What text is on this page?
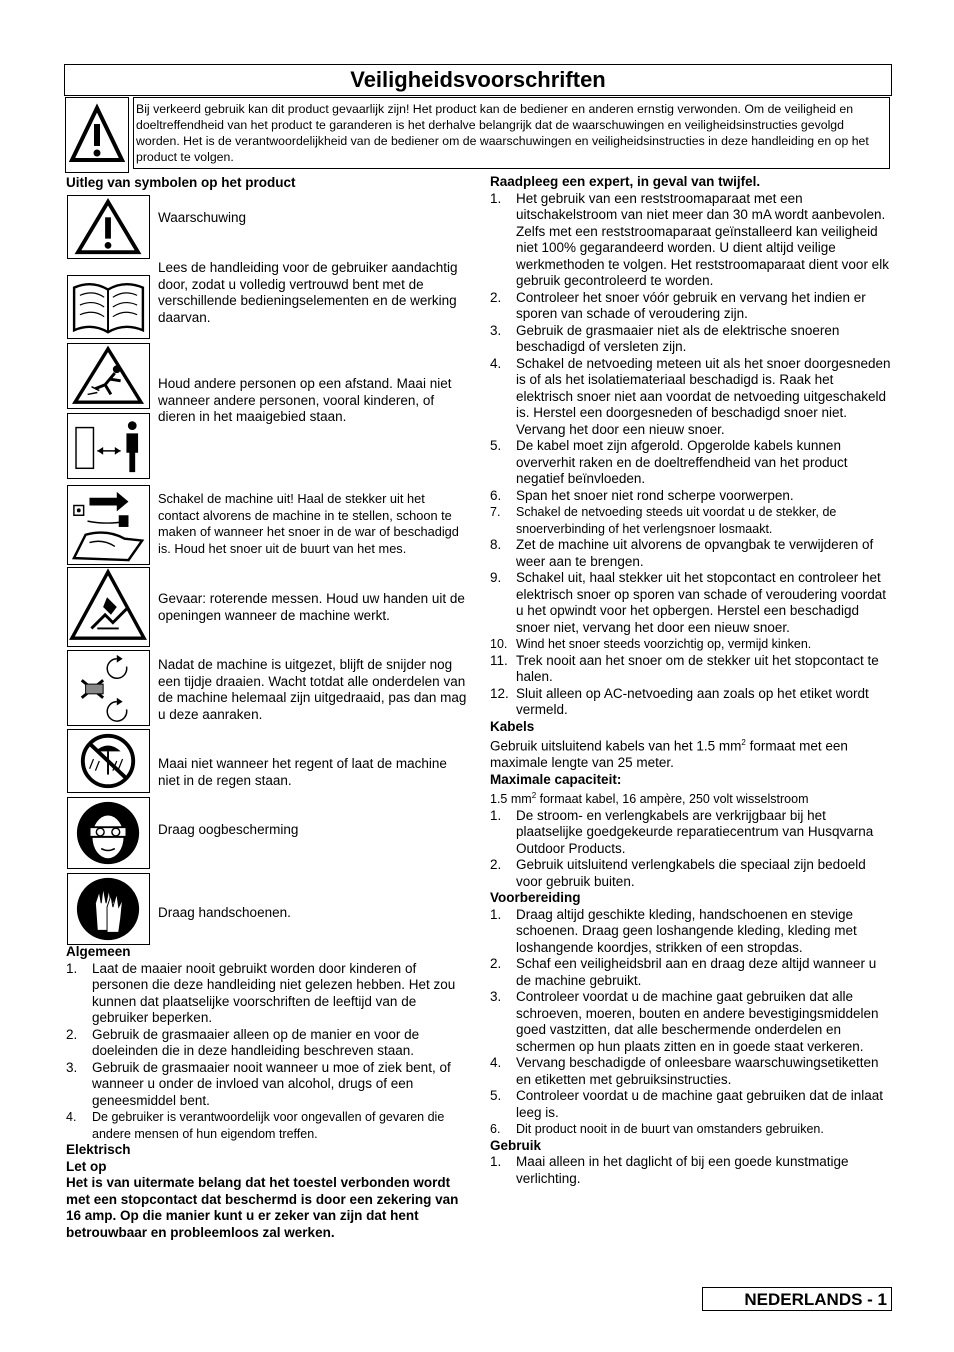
Veiligheidsvoorschriften
Bij verkeerd gebruik kan dit product gevaarlijk zijn! Het product kan de bediener en anderen ernstig verwonden. Om de veiligheid en doeltreffendheid van het product te garanderen is het derhalve belangrijk dat de waarschuwingen en veiligheidsinstructies gevolgd worden. Het is de verantwoordelijkheid van de bediener om de waarschuwingen en veiligheidsinstructies in deze handleiding en op het product te volgen.
Uitleg van symbolen op het product
Waarschuwing
Lees de handleiding voor de gebruiker aandachtig door, zodat u volledig vertrouwd bent met de verschillende bedieningselementen en de werking daarvan.
Houd andere personen op een afstand. Maai niet wanneer andere personen, vooral kinderen, of dieren in het maaigebied staan.
Schakel de machine uit! Haal de stekker uit het contact alvorens de machine in te stellen, schoon te maken of wanneer het snoer in de war of beschadigd is. Houd het snoer uit de buurt van het mes.
Gevaar: roterende messen. Houd uw handen uit de openingen wanneer de machine werkt.
Nadat de machine is uitgezet, blijft de snijder nog een tijdje draaien. Wacht totdat alle onderdelen van de machine helemaal zijn uitgedraaid, pas dan mag u deze aanraken.
Maai niet wanneer het regent of laat de machine niet in de regen staan.
Draag oogbescherming
Draag handschoenen.
Algemeen
1. Laat de maaier nooit gebruikt worden door kinderen of personen die deze handleiding niet gelezen hebben. Het zou kunnen dat plaatselijke voorschriften de leeftijd van de gebruiker beperken.
2. Gebruik de grasmaaier alleen op de manier en voor de doeleinden die in deze handleiding beschreven staan.
3. Gebruik de grasmaaier nooit wanneer u moe of ziek bent, of wanneer u onder de invloed van alcohol, drugs of een geneesmiddel bent.
4. De gebruiker is verantwoordelijk voor ongevallen of gevaren die andere mensen of hun eigendom treffen.
Elektrisch
Let op
Het is van uitermate belang dat het toestel verbonden wordt met een stopcontact dat beschermd is door een zekering van 16 amp. Op die manier kunt u er zeker van zijn dat hent betrouwbaar en probleemloos zal werken.
Raadpleeg een expert, in geval van twijfel.
1. Het gebruik van een reststroomaparaat met een uitschakelstroom van niet meer dan 30 mA wordt aanbevolen. Zelfs met een reststroomaparaat geïnstalleerd kan veiligheid niet 100% gegarandeerd worden. U dient altijd veilige werkmethoden te volgen. Het reststroomaparaat dient voor elk gebruik gecontroleerd te worden.
2. Controleer het snoer vóór gebruik en vervang het indien er sporen van schade of veroudering zijn.
3. Gebruik de grasmaaier niet als de elektrische snoeren beschadigd of versleten zijn.
4. Schakel de netvoeding meteen uit als het snoer doorgesneden is of als het isolatiemateriaal beschadigd is. Raak het elektrisch snoer niet aan voordat de netvoeding uitgeschakeld is. Herstel een doorgesneden of beschadigd snoer niet. Vervang het door een nieuw snoer.
5. De kabel moet zijn afgerold. Opgerolde kabels kunnen oververhit raken en de doeltreffendheid van het product negatief beïnvloeden.
6. Span het snoer niet rond scherpe voorwerpen.
7. Schakel de netvoeding steeds uit voordat u de stekker, de snoerverbinding of het verlengsnoer losmaakt.
8. Zet de machine uit alvorens de opvangbak te verwijderen of weer aan te brengen.
9. Schakel uit, haal stekker uit het stopcontact en controleer het elektrisch snoer op sporen van schade of veroudering voordat u het opwindt voor het opbergen. Herstel een beschadigd snoer niet, vervang het door een nieuw snoer.
10. Wind het snoer steeds voorzichtig op, vermijd kinken.
11. Trek nooit aan het snoer om de stekker uit het stopcontact te halen.
12. Sluit alleen op AC-netvoeding aan zoals op het etiket wordt vermeld.
Kabels
Gebruik uitsluitend kabels van het 1.5 $mm^2$ formaat met een maximale lengte van 25 meter.
Maximale capaciteit:
1.5 $mm^2$ formaat kabel, 16 ampère, 250 volt wisselstroom
1. De stroom- en verlengkabels are verkrijgbaar bij het plaatselijke goedgekeurde reparatiecentrum van Husqvarna Outdoor Products.
2. Gebruik uitsluitend verlengkabels die speciaal zijn bedoeld voor gebruik buiten.
Voorbereiding
1. Draag altijd geschikte kleding, handschoenen en stevige schoenen. Draag geen loshangende kleding, kleding met loshangende koordjes, strikken of een stropdas.
2. Schaf een veiligheidsbril aan en draag deze altijd wanneer u de machine gebruikt.
3. Controleer voordat u de machine gaat gebruiken dat alle schroeven, moeren, bouten en andere bevestigingsmiddelen goed vastzitten, dat alle beschermende onderdelen en schermen op hun plaats zitten en in goede staat verkeren.
4. Vervang beschadigde of onleesbare waarschuwingsetiketten en etiketten met gebruiksinstructies.
5. Controleer voordat u de machine gaat gebruiken dat de inlaat leeg is.
6. Dit product nooit in de buurt van omstanders gebruiken.
Gebruik
1. Maai alleen in het daglicht of bij een goede kunstmatige verlichting.
NEDERLANDS - 1
